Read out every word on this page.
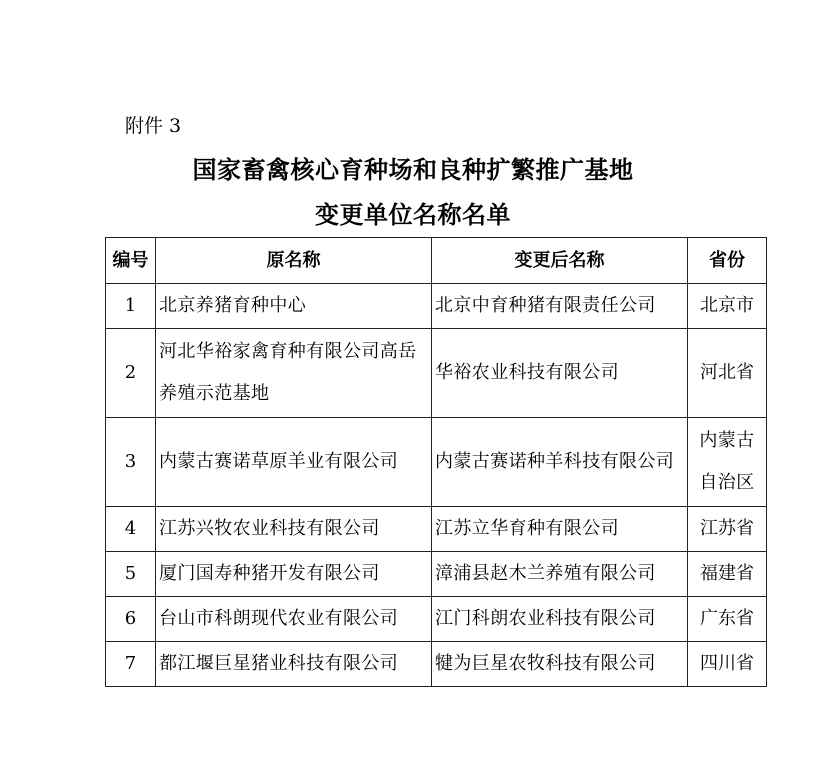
附件 3
国家畜禽核心育种场和良种扩繁推广基地
变更单位名称名单
编号	原名称	变更后名称	省份
1	北京养猪育种中心	北京中育种猪有限责任公司	北京市
2	河北华裕家禽育种有限公司高岳养殖示范基地	华裕农业科技有限公司	河北省
3	内蒙古赛诺草原羊业有限公司	内蒙古赛诺种羊科技有限公司	内蒙古自治区
4	江苏兴牧农业科技有限公司	江苏立华育种有限公司	江苏省
5	厦门国寿种猪开发有限公司	漳浦县赵木兰养殖有限公司	福建省
6	台山市科朗现代农业有限公司	江门科朗农业科技有限公司	广东省
7	都江堰巨星猪业科技有限公司	犍为巨星农牧科技有限公司	四川省
